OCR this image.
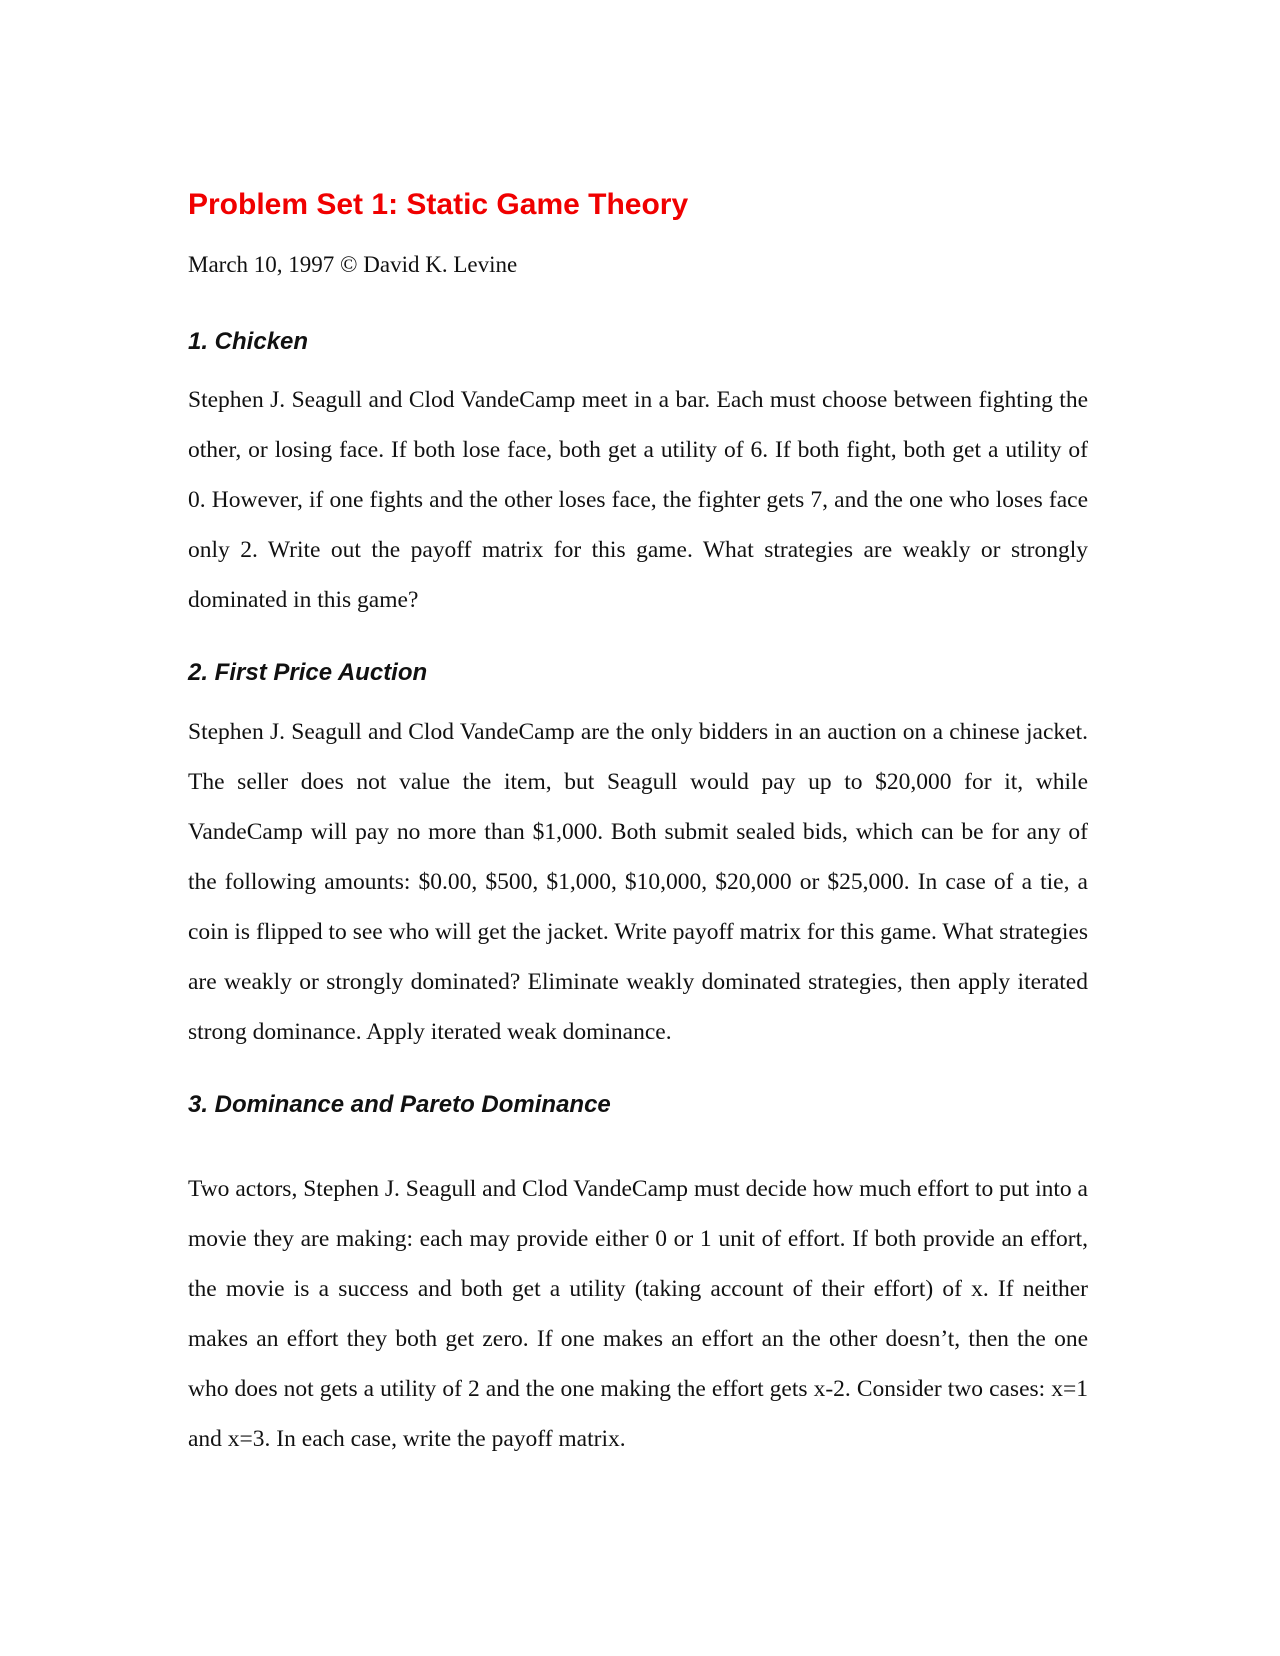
Problem Set 1: Static Game Theory
March 10, 1997 © David K. Levine
1. Chicken

Stephen J. Seagull and Clod VandeCamp meet in a bar. Each must choose between fighting the other, or losing face. If both lose face, both get a utility of 6. If both fight, both get a utility of 0. However, if one fights and the other loses face, the fighter gets 7, and the one who loses face only 2. Write out the payoff matrix for this game. What strategies are weakly or strongly dominated in this game?

2. First Price Auction

Stephen J. Seagull and Clod VandeCamp are the only bidders in an auction on a chinese jacket. The seller does not value the item, but Seagull would pay up to $20,000 for it, while VandeCamp will pay no more than $1,000. Both submit sealed bids, which can be for any of the following amounts: $0.00, $500, $1,000, $10,000, $20,000 or $25,000. In case of a tie, a coin is flipped to see who will get the jacket. Write payoff matrix for this game. What strategies are weakly or strongly dominated? Eliminate weakly dominated strategies, then apply iterated strong dominance. Apply iterated weak dominance.

3. Dominance and Pareto Dominance

Two actors, Stephen J. Seagull and Clod VandeCamp must decide how much effort to put into a movie they are making: each may provide either 0 or 1 unit of effort. If both provide an effort, the movie is a success and both get a utility (taking account of their effort) of x. If neither makes an effort they both get zero. If one makes an effort an the other doesn’t, then the one who does not gets a utility of 2 and the one making the effort gets x-2. Consider two cases: x=1 and x=3. In each case, write the payoff matrix.
